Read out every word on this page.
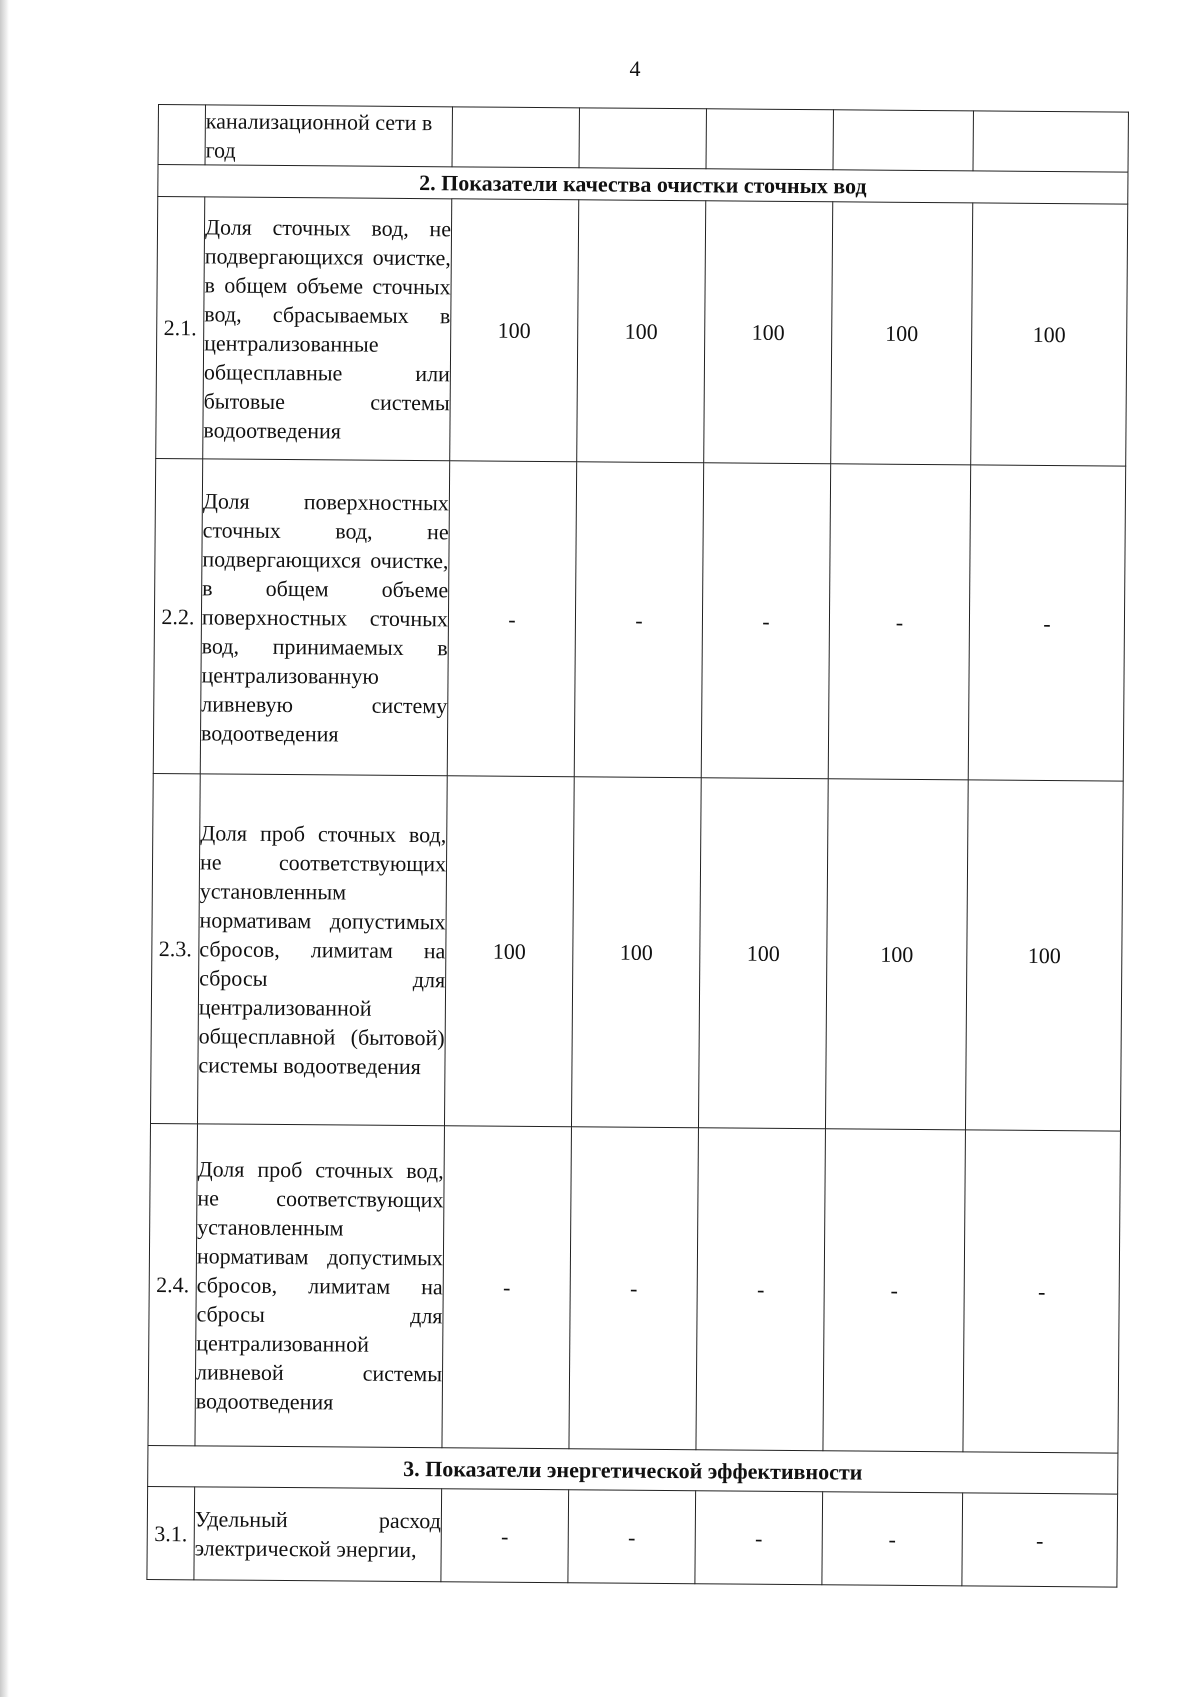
4

	канализационной сети в год					

2. Показатели качества очистки сточных вод						
2.1.	Доля сточных вод, не подвергающихся очистке, в общем объеме сточных вод, сбрасываемых в централизованные общесплавные или бытовые системы водоотведения	100	100	100	100	100
2.2.	Доля поверхностных сточных вод, не подвергающихся очистке, в общем объеме поверхностных сточных вод, принимаемых в централизованную ливневую систему водоотведения	-	-	-	-	-
2.3.	Доля проб сточных вод, не соответствующих установленным нормативам допустимых сбросов, лимитам на сбросы для централизованной общесплавной (бытовой) системы водоотведения	100	100	100	100	100
2.4.	Доля проб сточных вод, не соответствующих установленным нормативам допустимых сбросов, лимитам на сбросы для централизованной ливневой системы водоотведения	-	-	-	-	-
3. Показатели энергетической эффективности						
3.1.	Удельный расход электрической энергии,	-	-	-	-	-
